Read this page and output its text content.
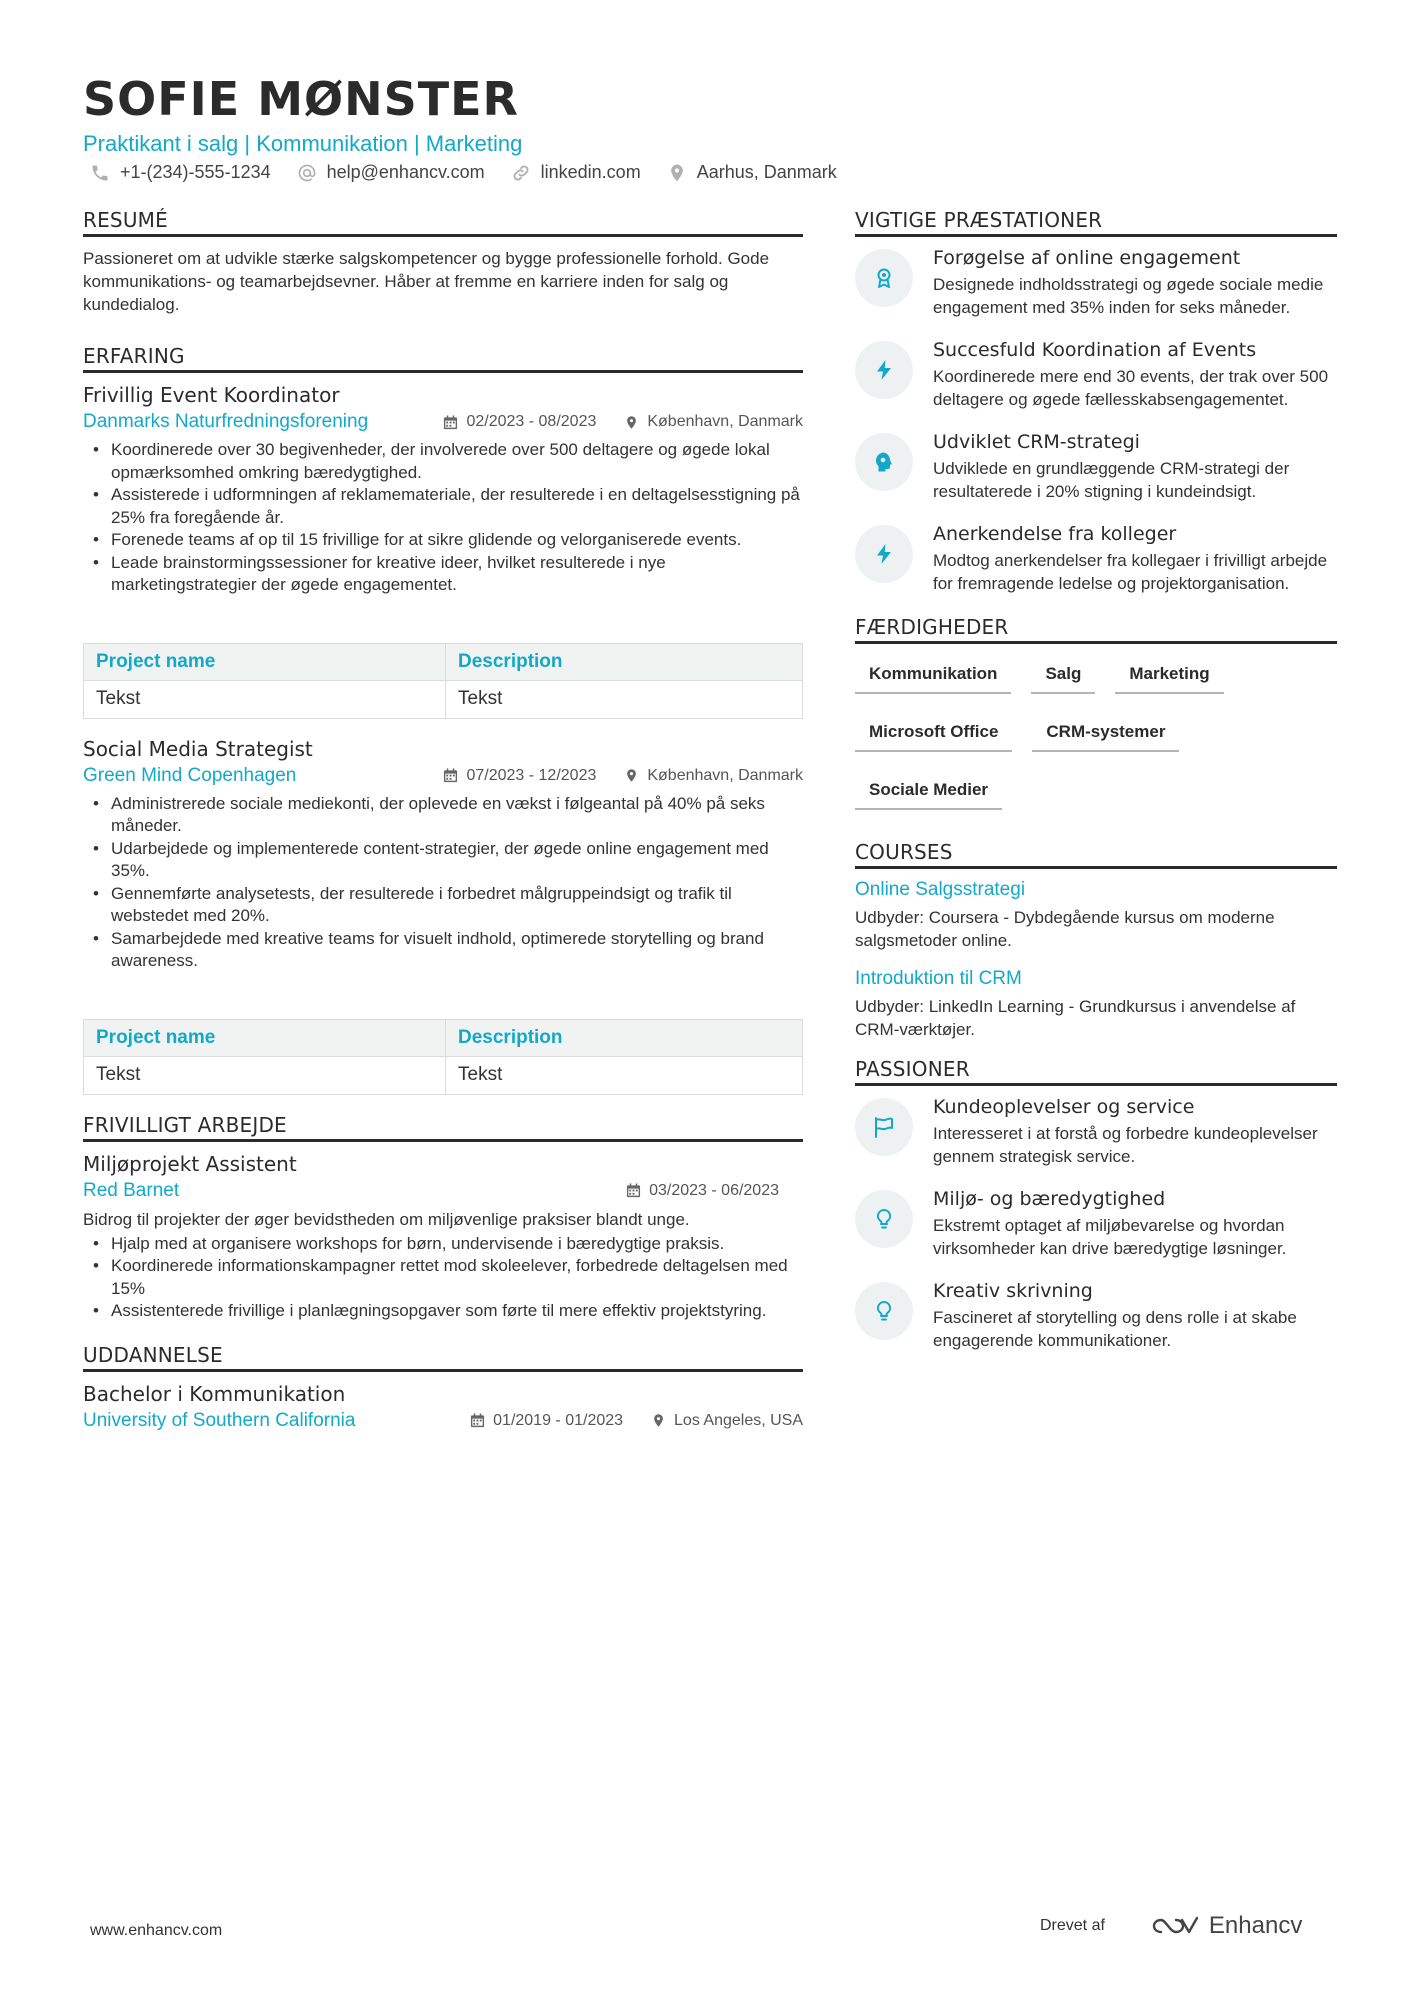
SOFIE MØNSTER
Praktikant i salg | Kommunikation | Marketing
+1-(234)-555-1234	help@enhancv.com	linkedin.com	Aarhus, Danmark
RESUMÉ
Passioneret om at udvikle stærke salgskompetencer og bygge professionelle forhold. Gode kommunikations- og teamarbejdsevner. Håber at fremme en karriere inden for salg og kundedialog.
ERFARING
Frivillig Event Koordinator
Danmarks Naturfredningsforening	02/2023 - 08/2023	København, Danmark
• Koordinerede over 30 begivenheder, der involverede over 500 deltagere og øgede lokal opmærksomhed omkring bæredygtighed.
• Assisterede i udformningen af reklamemateriale, der resulterede i en deltagelsesstigning på 25% fra foregående år.
• Forenede teams af op til 15 frivillige for at sikre glidende og velorganiserede events.
• Leade brainstormingssessioner for kreative ideer, hvilket resulterede i nye marketingstrategier der øgede engagementet.
Project name	Description
Tekst	Tekst
Social Media Strategist
Green Mind Copenhagen	07/2023 - 12/2023	København, Danmark
• Administrerede sociale mediekonti, der oplevede en vækst i følgeantal på 40% på seks måneder.
• Udarbejdede og implementerede content-strategier, der øgede online engagement med 35%.
• Gennemførte analysetests, der resulterede i forbedret målgruppeindsigt og trafik til webstedet med 20%.
• Samarbejdede med kreative teams for visuelt indhold, optimerede storytelling og brand awareness.
Project name	Description
Tekst	Tekst
FRIVILLIGT ARBEJDE
Miljøprojekt Assistent
Red Barnet	03/2023 - 06/2023
Bidrog til projekter der øger bevidstheden om miljøvenlige praksiser blandt unge.
• Hjalp med at organisere workshops for børn, undervisende i bæredygtige praksis.
• Koordinerede informationskampagner rettet mod skoleelever, forbedrede deltagelsen med 15%
• Assistenterede frivillige i planlægningsopgaver som førte til mere effektiv projektstyring.
UDDANNELSE
Bachelor i Kommunikation
University of Southern California	01/2019 - 01/2023	Los Angeles, USA
VIGTIGE PRÆSTATIONER
Forøgelse af online engagement
Designede indholdsstrategi og øgede sociale medie engagement med 35% inden for seks måneder.
Succesfuld Koordination af Events
Koordinerede mere end 30 events, der trak over 500 deltagere og øgede fællesskabsengagementet.
Udviklet CRM-strategi
Udviklede en grundlæggende CRM-strategi der resultaterede i 20% stigning i kundeindsigt.
Anerkendelse fra kolleger
Modtog anerkendelser fra kollegaer i frivilligt arbejde for fremragende ledelse og projektorganisation.
FÆRDIGHEDER
Kommunikation	Salg	Marketing
Microsoft Office	CRM-systemer
Sociale Medier
COURSES
Online Salgsstrategi
Udbyder: Coursera - Dybdegående kursus om moderne salgsmetoder online.
Introduktion til CRM
Udbyder: LinkedIn Learning - Grundkursus i anvendelse af CRM-værktøjer.
PASSIONER
Kundeoplevelser og service
Interesseret i at forstå og forbedre kundeoplevelser gennem strategisk service.
Miljø- og bæredygtighed
Ekstremt optaget af miljøbevarelse og hvordan virksomheder kan drive bæredygtige løsninger.
Kreativ skrivning
Fascineret af storytelling og dens rolle i at skabe engagerende kommunikationer.
www.enhancv.com	Drevet af	Enhancv
